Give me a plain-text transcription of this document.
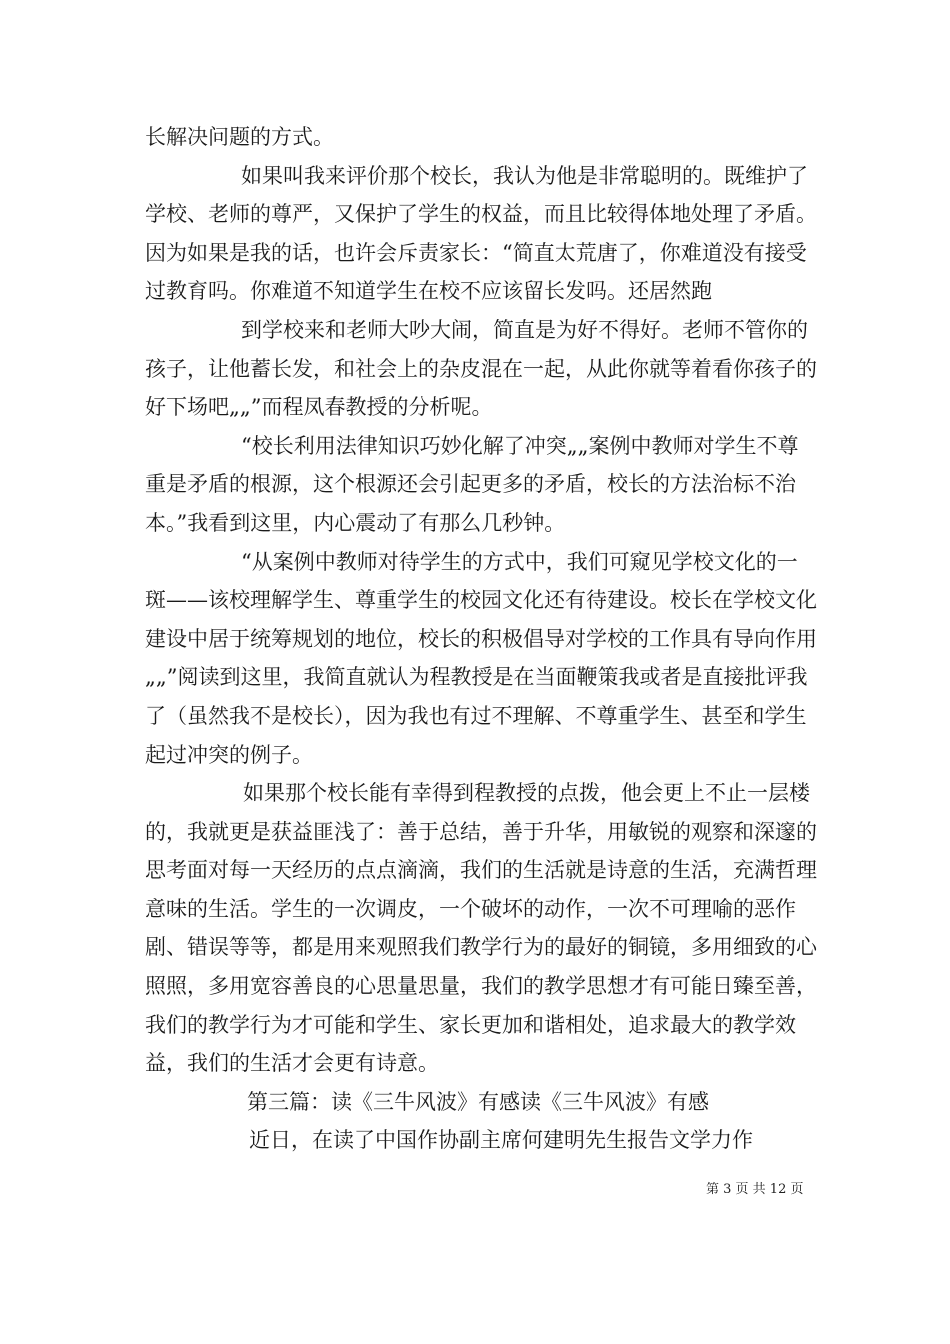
长解决问题的方式。

如果叫我来评价那个校长，我认为他是非常聪明的。既维护了学校、老师的尊严，又保护了学生的权益，而且比较得体地处理了矛盾。因为如果是我的话，也许会斥责家长：“简直太荒唐了，你难道没有接受过教育吗。你难道不知道学生在校不应该留长发吗。还居然跑

到学校来和老师大吵大闹，简直是为好不得好。老师不管你的孩子，让他蓄长发，和社会上的杂皮混在一起，从此你就等着看你孩子的好下场吧„„”而程凤春教授的分析呢。

“校长利用法律知识巧妙化解了冲突„„案例中教师对学生不尊重是矛盾的根源，这个根源还会引起更多的矛盾，校长的方法治标不治本。”我看到这里，内心震动了有那么几秒钟。

“从案例中教师对待学生的方式中，我们可窥见学校文化的一斑——该校理解学生、尊重学生的校园文化还有待建设。校长在学校文化建设中居于统筹规划的地位，校长的积极倡导对学校的工作具有导向作用„„”阅读到这里，我简直就认为程教授是在当面鞭策我或者是直接批评我了（虽然我不是校长），因为我也有过不理解、不尊重学生、甚至和学生起过冲突的例子。

如果那个校长能有幸得到程教授的点拨，他会更上不止一层楼的，我就更是获益匪浅了：善于总结，善于升华，用敏锐的观察和深邃的思考面对每一天经历的点点滴滴，我们的生活就是诗意的生活，充满哲理意味的生活。学生的一次调皮，一个破坏的动作，一次不可理喻的恶作剧、错误等等，都是用来观照我们教学行为的最好的铜镜，多用细致的心照照，多用宽容善良的心思量思量，我们的教学思想才有可能日臻至善，我们的教学行为才可能和学生、家长更加和谐相处，追求最大的教学效益，我们的生活才会更有诗意。

第三篇：读《三牛风波》有感读《三牛风波》有感

近日，在读了中国作协副主席何建明先生报告文学力作

第 3 页 共 12 页
